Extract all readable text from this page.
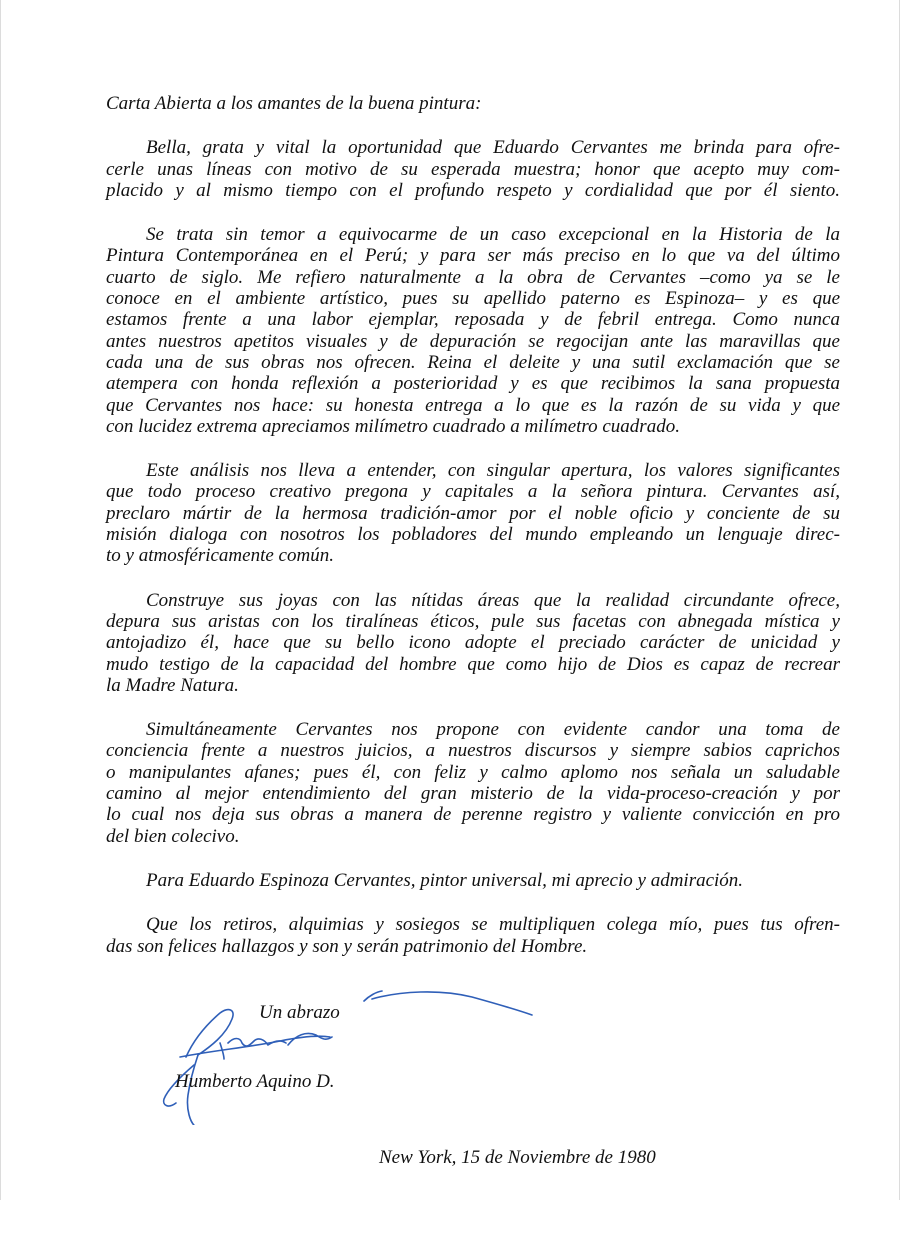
Carta Abierta a los amantes de la buena pintura:

Bella, grata y vital la oportunidad que Eduardo Cervantes me brinda para ofre-
cerle unas líneas con motivo de su esperada muestra; honor que acepto muy com-
placido y al mismo tiempo con el profundo respeto y cordialidad que por él siento.
Se trata sin temor a equivocarme de un caso excepcional en la Historia de la
Pintura Contemporánea en el Perú; y para ser más preciso en lo que va del último
cuarto de siglo. Me refiero naturalmente a la obra de Cervantes –como ya se le
conoce en el ambiente artístico, pues su apellido paterno es Espinoza– y es que
estamos frente a una labor ejemplar, reposada y de febril entrega. Como nunca
antes nuestros apetitos visuales y de depuración se regocijan ante las maravillas que
cada una de sus obras nos ofrecen. Reina el deleite y una sutil exclamación que se
atempera con honda reflexión a posterioridad y es que recibimos la sana propuesta
que Cervantes nos hace: su honesta entrega a lo que es la razón de su vida y que
con lucidez extrema apreciamos milímetro cuadrado a milímetro cuadrado.
Este análisis nos lleva a entender, con singular apertura, los valores significantes
que todo proceso creativo pregona y capitales a la señora pintura. Cervantes así,
preclaro mártir de la hermosa tradición-amor por el noble oficio y conciente de su
misión dialoga con nosotros los pobladores del mundo empleando un lenguaje direc-
to y atmosféricamente común.
Construye sus joyas con las nítidas áreas que la realidad circundante ofrece,
depura sus aristas con los tiralíneas éticos, pule sus facetas con abnegada mística y
antojadizo él, hace que su bello icono adopte el preciado carácter de unicidad y
mudo testigo de la capacidad del hombre que como hijo de Dios es capaz de recrear
la Madre Natura.
Simultáneamente Cervantes nos propone con evidente candor una toma de
conciencia frente a nuestros juicios, a nuestros discursos y siempre sabios caprichos
o manipulantes afanes; pues él, con feliz y calmo aplomo nos señala un saludable
camino al mejor entendimiento del gran misterio de la vida-proceso-creación y por
lo cual nos deja sus obras a manera de perenne registro y valiente convicción en pro
del bien colecivo.

Para Eduardo Espinoza Cervantes, pintor universal, mi aprecio y admiración.

Que los retiros, alquimias y sosiegos se multipliquen colega mío, pues tus ofren-
das son felices hallazgos y son y serán patrimonio del Hombre.
Un abrazo
Humberto Aquino D.
New York, 15 de Noviembre de 1980
